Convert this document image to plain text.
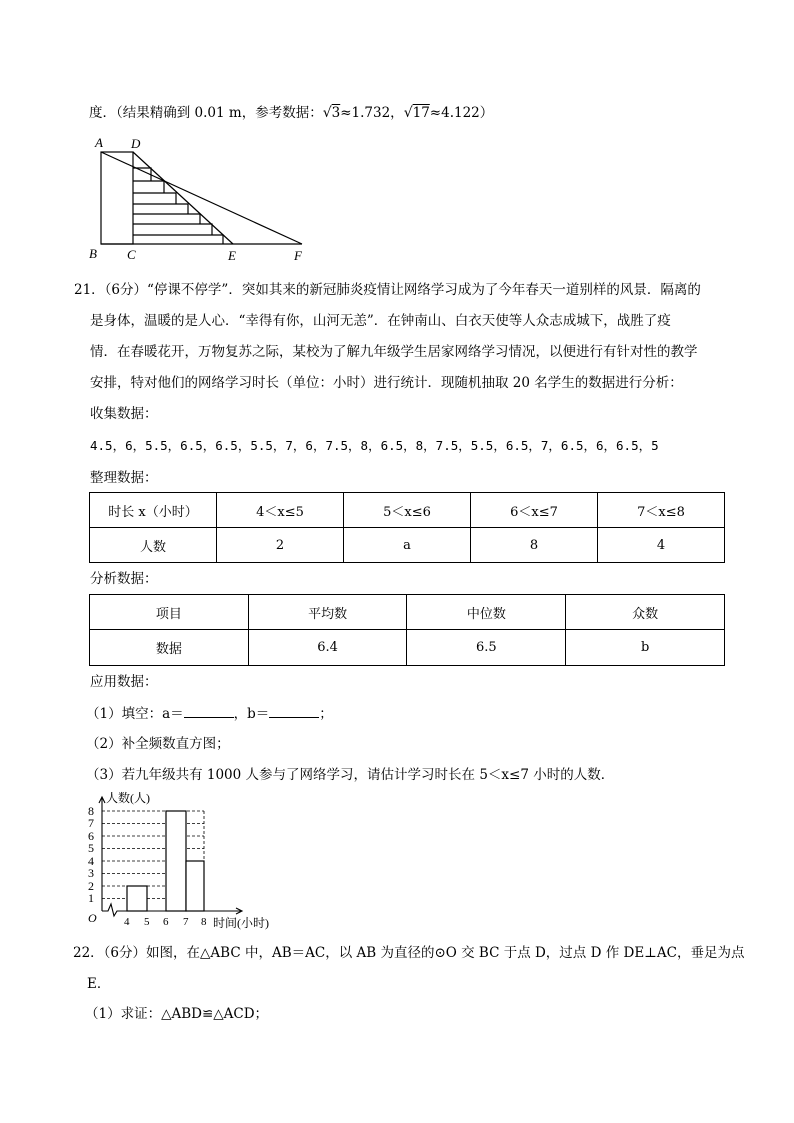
度．（结果精确到 0.01 m，参考数据：√3≈1.732，√17≈4.122）
A D
B C	E	F
21．（6分）“停课不停学”．突如其来的新冠肺炎疫情让网络学习成为了今年春天一道别样的风景．隔离的
是身体，温暖的是人心．“幸得有你，山河无恙”．在钟南山、白衣天使等人众志成城下，战胜了疫
情．在春暖花开，万物复苏之际，某校为了解九年级学生居家网络学习情况，以便进行有针对性的教学
安排，特对他们的网络学习时长（单位：小时）进行统计．现随机抽取 20 名学生的数据进行分析：
收集数据：
4.5，6，5.5，6.5，6.5，5.5，7，6，7.5，8，6.5，8，7.5，5.5，6.5，7，6.5，6，6.5，5
整理数据：
时长 x（小时）	4＜x≤5	5＜x≤6	6＜x≤7	7＜x≤8
人数	2	a	8	4
分析数据：
项目	平均数	中位数	众数
数据	6.4	6.5	b
应用数据：
（1）填空：a＝	，b＝	；
（2）补全频数直方图；
（3）若九年级共有 1000 人参与了网络学习，请估计学习时长在 5＜x≤7 小时的人数．
人数(人)
O
8
7
6
5
4
3
2
1
4 5 6 7 8 时间(小时)
22．（6分）如图，在△ABC 中，AB＝AC，以 AB 为直径的⊙O 交 BC 于点 D，过点 D 作 DE⊥AC，垂足为点
E．
（1）求证：△ABD≌△ACD；
